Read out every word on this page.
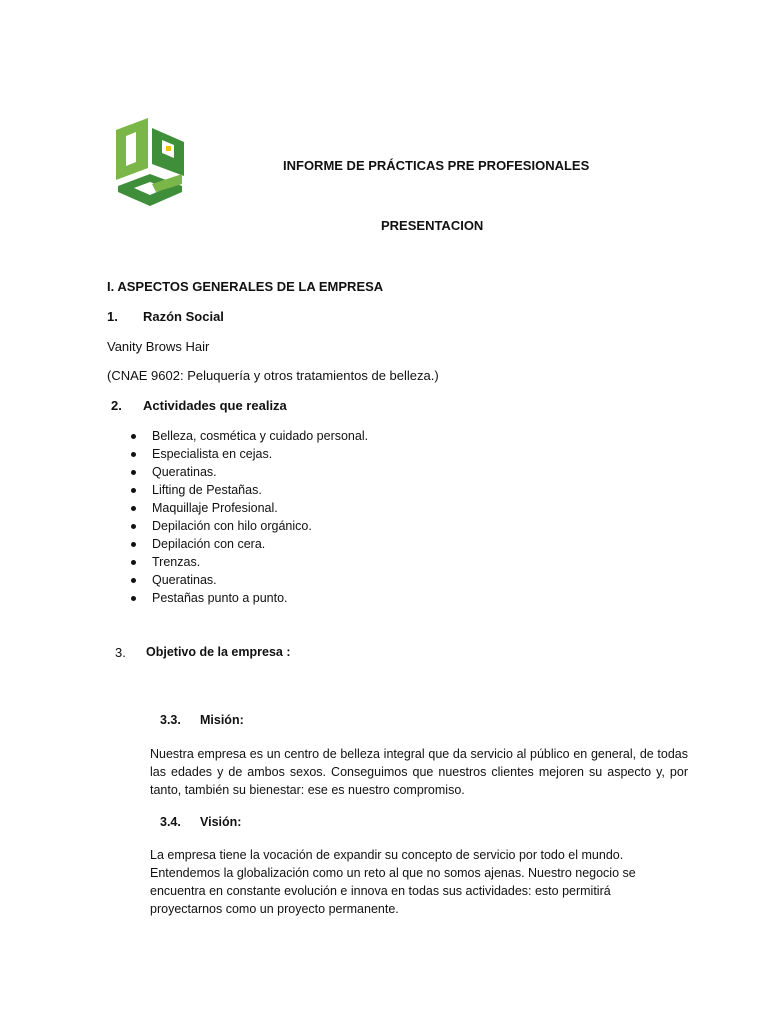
INFORME DE PRÁCTICAS PRE PROFESIONALES
PRESENTACION
I. ASPECTOS GENERALES DE LA EMPRESA
1. Razón Social
Vanity Brows Hair
(CNAE 9602: Peluquería y otros tratamientos de belleza.)
2. Actividades que realiza
Belleza, cosmética y cuidado personal.
Especialista en cejas.
Queratinas.
Lifting de Pestañas.
Maquillaje Profesional.
Depilación con hilo orgánico.
Depilación con cera.
Trenzas.
Queratinas.
Pestañas punto a punto.
3. Objetivo de la empresa :
3.3. Misión:
Nuestra empresa es un centro de belleza integral que da servicio al público en general, de todas las edades y de ambos sexos. Conseguimos que nuestros clientes mejoren su aspecto y, por tanto, también su bienestar: ese es nuestro compromiso.
3.4. Visión:
La empresa tiene la vocación de expandir su concepto de servicio por todo el mundo.
Entendemos la globalización como un reto al que no somos ajenas. Nuestro negocio se
encuentra en constante evolución e innova en todas sus actividades: esto permitirá
proyectarnos como un proyecto permanente.
